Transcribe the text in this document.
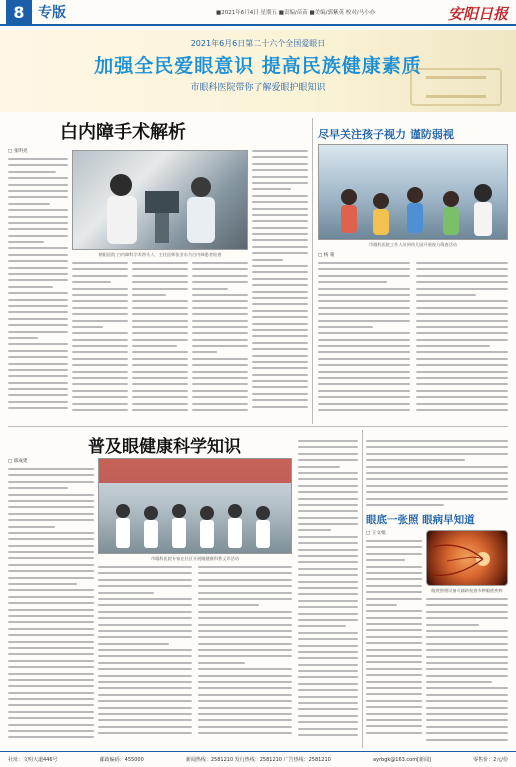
8 专版	■2021年6月4日 星期五 ■责编/苗苗 ■美编/郭紫英 校对/马小亦	安阳日报
2021年6月6日第二十六个全国爱眼日
加强全民爱眼意识 提高民族健康素质
市眼科医院带你了解爱眼护眼知识
白内障手术解析
□ 张明亮
朝阳医院 白内障科学术带头人、主任医师张亚东为白内障患者检查
尽早关注孩子视力 谨防弱视
市眼科医院工作人员到幼儿园开展视力筛查活动
□ 杨 蒙
普及眼健康科学知识
□ 邵成建
市眼科医院专家在社区开展眼健康科普义诊活动
眼底一张照 眼病早知道
眼底照相设备可辅助检查多种眼底疾病
□ 王文娟
社址：文明大道446号	邮政编码：455000	新闻热线：2581210 发行热线：2581210 广告热线：2581210	ayrbgk@163.com[新闻]	零售价：2元/份
